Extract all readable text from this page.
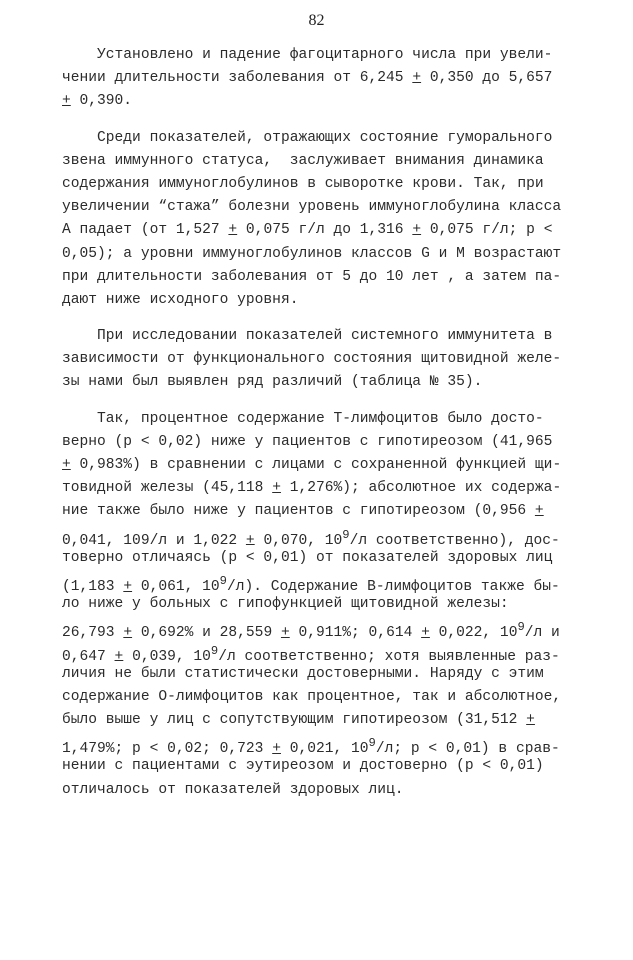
82
Установлено и падение фагоцитарного числа при увели-
чении длительности заболевания от 6,245 + 0,350 до 5,657
+ 0,390.
Среди показателей, отражающих состояние гуморального
звена иммунного статуса,  заслуживает внимания динамика
содержания иммуноглобулинов в сыворотке крови. Так, при
увеличении “стажа” болезни уровень иммуноглобулина класса
А падает (от 1,527 + 0,075 г/л до 1,316 + 0,075 г/л; р <
0,05); а уровни иммуноглобулинов классов G и М возрастают
при длительности заболевания от 5 до 10 лет , а затем па-
дают ниже исходного уровня.
При исследовании показателей системного иммунитета в
зависимости от функционального состояния щитовидной желе-
зы нами был выявлен ряд различий (таблица № 35).
Так, процентное содержание Т-лимфоцитов было досто-
верно (р < 0,02) ниже у пациентов с гипотиреозом (41,965
+ 0,983%) в сравнении с лицами с сохраненной функцией щи-
товидной железы (45,118 + 1,276%); абсолютное их содержа-
ние также было ниже у пациентов с гипотиреозом (0,956 +
0,041, 109/л и 1,022 + 0,070, $10^9/л$ соответственно), дос-
товерно отличаясь (р < 0,01) от показателей здоровых лиц
(1,183 + 0,061, $10^9/л$). Содержание В-лимфоцитов также бы-
ло ниже у больных с гипофункцией щитовидной железы:
26,793 + 0,692% и 28,559 + 0,911%; 0,614 + 0,022, $10^9/л$ и
0,647 + 0,039, $10^9/л$ соответственно; хотя выявленные раз-
личия не были статистически достоверными. Наряду с этим
содержание О-лимфоцитов как процентное, так и абсолютное,
было выше у лиц с сопутствующим гипотиреозом (31,512 +
1,479%; р < 0,02; 0,723 + 0,021, $10^9/л$; р < 0,01) в срав-
нении с пациентами с эутиреозом и достоверно (р < 0,01)
отличалось от показателей здоровых лиц.
